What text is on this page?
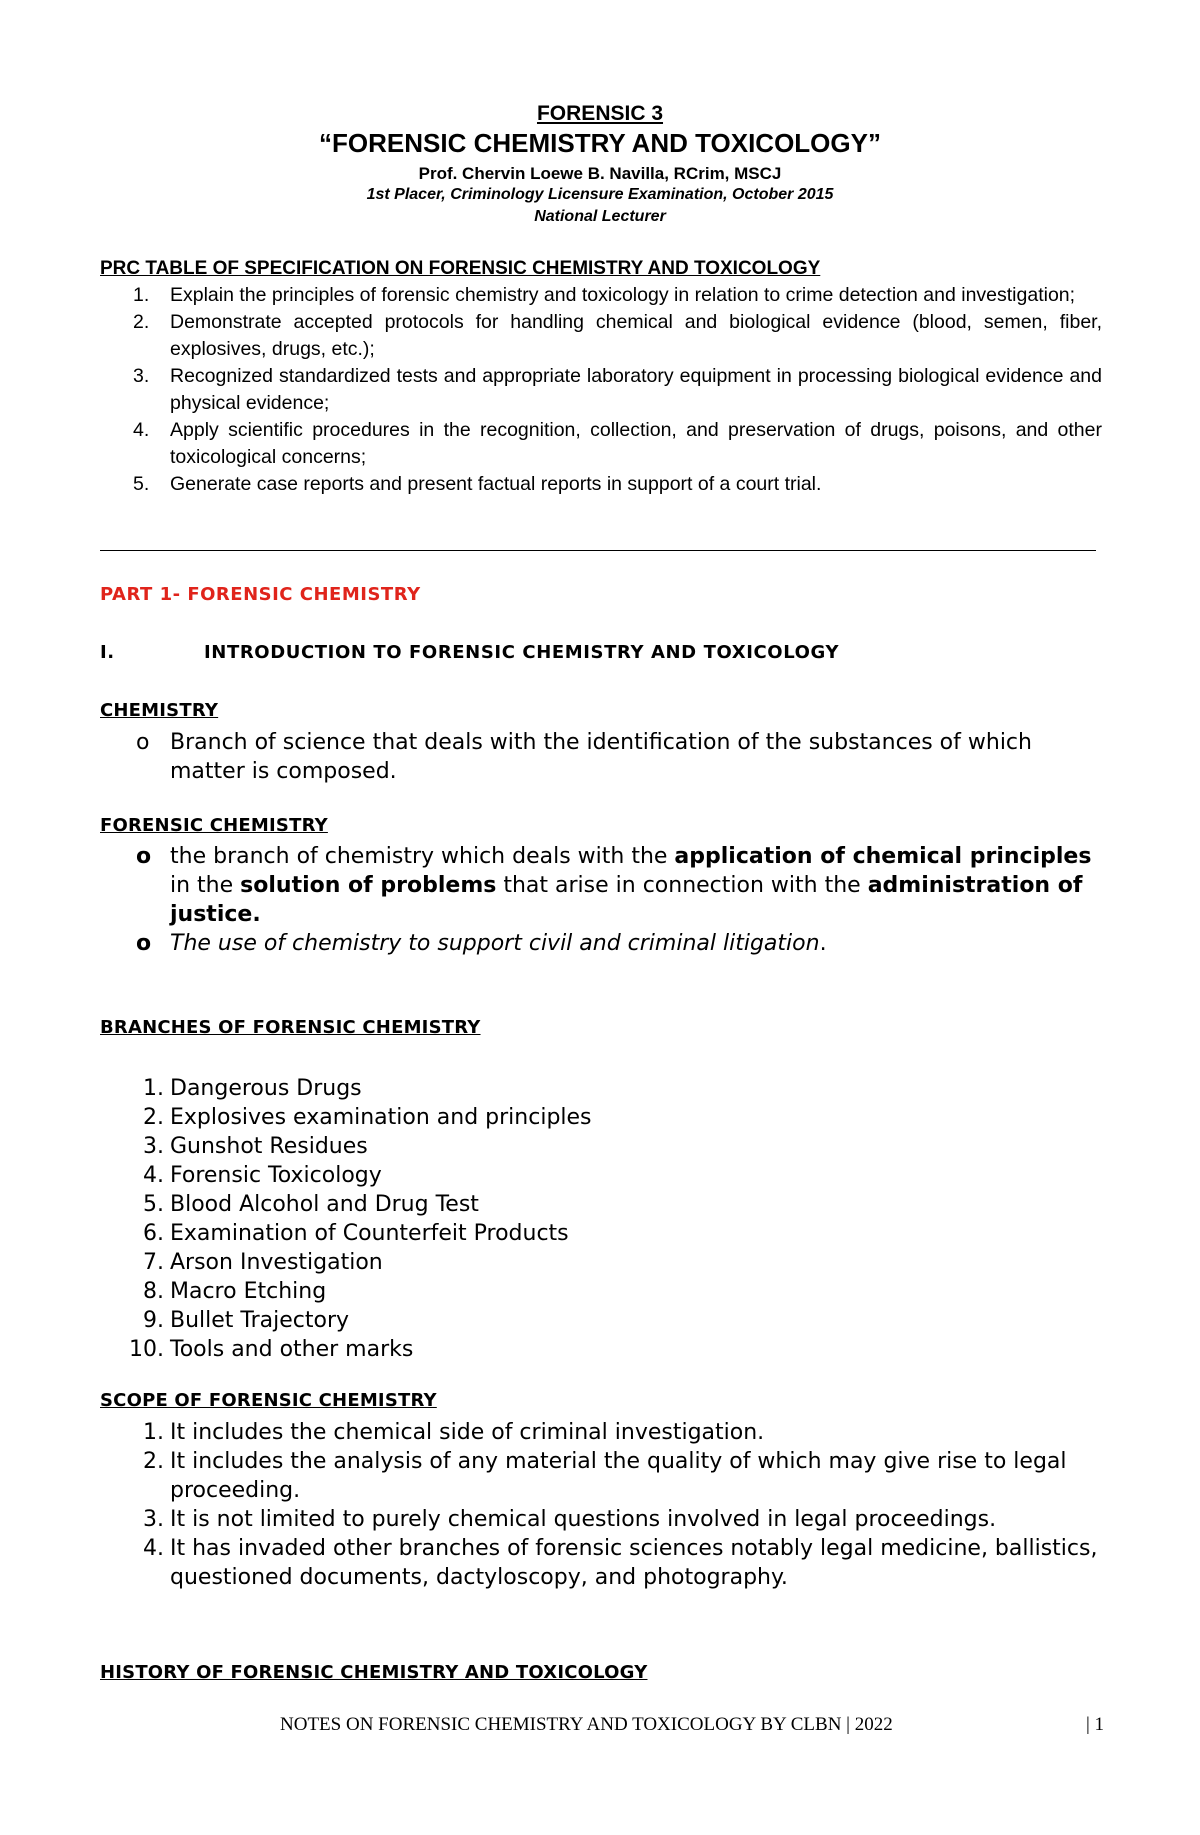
FORENSIC 3
“FORENSIC CHEMISTRY AND TOXICOLOGY”
Prof. Chervin Loewe B. Navilla, RCrim, MSCJ
1st Placer, Criminology Licensure Examination, October 2015
National Lecturer
PRC TABLE OF SPECIFICATION ON FORENSIC CHEMISTRY AND TOXICOLOGY
1. Explain the principles of forensic chemistry and toxicology in relation to crime detection and investigation;
2. Demonstrate accepted protocols for handling chemical and biological evidence (blood, semen, fiber, explosives, drugs, etc.);
3. Recognized standardized tests and appropriate laboratory equipment in processing biological evidence and physical evidence;
4. Apply scientific procedures in the recognition, collection, and preservation of drugs, poisons, and other toxicological concerns;
5. Generate case reports and present factual reports in support of a court trial.
PART 1- FORENSIC CHEMISTRY
I.	INTRODUCTION TO FORENSIC CHEMISTRY AND TOXICOLOGY
CHEMISTRY
o Branch of science that deals with the identification of the substances of which matter is composed.
FORENSIC CHEMISTRY
o the branch of chemistry which deals with the application of chemical principles in the solution of problems that arise in connection with the administration of justice.
o The use of chemistry to support civil and criminal litigation.
BRANCHES OF FORENSIC CHEMISTRY
1. Dangerous Drugs
2. Explosives examination and principles
3. Gunshot Residues
4. Forensic Toxicology
5. Blood Alcohol and Drug Test
6. Examination of Counterfeit Products
7. Arson Investigation
8. Macro Etching
9. Bullet Trajectory
10. Tools and other marks
SCOPE OF FORENSIC CHEMISTRY
1. It includes the chemical side of criminal investigation.
2. It includes the analysis of any material the quality of which may give rise to legal proceeding.
3. It is not limited to purely chemical questions involved in legal proceedings.
4. It has invaded other branches of forensic sciences notably legal medicine, ballistics, questioned documents, dactyloscopy, and photography.
HISTORY OF FORENSIC CHEMISTRY AND TOXICOLOGY
NOTES ON FORENSIC CHEMISTRY AND TOXICOLOGY BY CLBN | 2022	| 1
